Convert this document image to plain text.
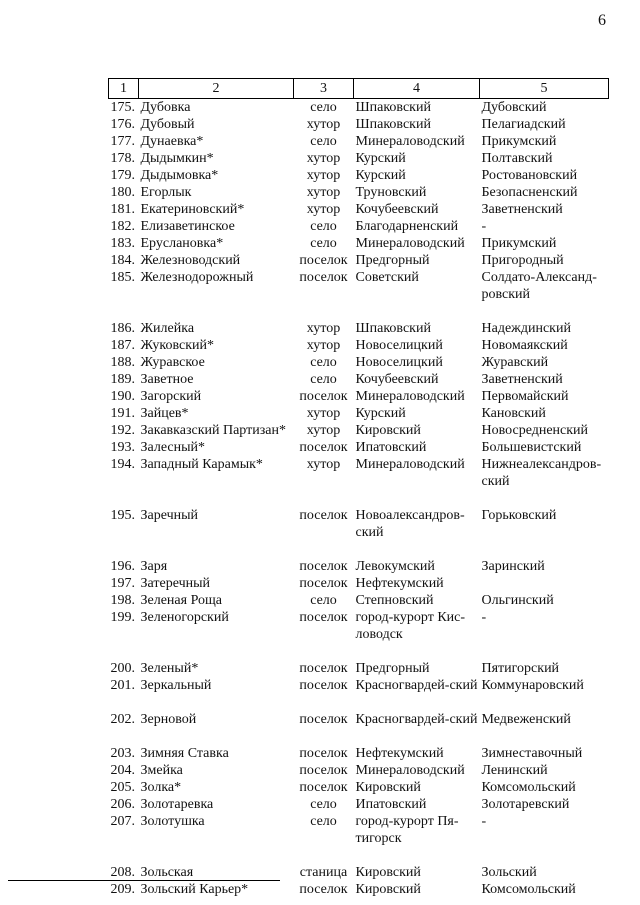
6
1	2	3	4	5
175.	Дубовка	село	Шпаковский	Дубовский
176.	Дубовый	хутор	Шпаковский	Пелагиадский
177.	Дунаевка*	село	Минераловодский	Прикумский
178.	Дыдымкин*	хутор	Курский	Полтавский
179.	Дыдымовка*	хутор	Курский	Ростовановский
180.	Егорлык	хутор	Труновский	Безопасненский
181.	Екатериновский*	хутор	Кочубеевский	Заветненский
182.	Елизаветинское	село	Благодарненский	-
183.	Еруслановка*	село	Минераловодский	Прикумский
184.	Железноводский	поселок	Предгорный	Пригородный
185.	Железнодорожный	поселок	Советский	Солдато-Александ-ровский
186.	Жилейка	хутор	Шпаковский	Надеждинский
187.	Жуковский*	хутор	Новоселицкий	Новомаякский
188.	Журавское	село	Новоселицкий	Журавский
189.	Заветное	село	Кочубеевский	Заветненский
190.	Загорский	поселок	Минераловодский	Первомайский
191.	Зайцев*	хутор	Курский	Кановский
192.	Закавказский Партизан*	хутор	Кировский	Новосредненский
193.	Залесный*	поселок	Ипатовский	Большевистский
194.	Западный Карамык*	хутор	Минераловодский	Нижнеалександров-ский
195.	Заречный	поселок	Новоалександров-ский	Горьковский
196.	Заря	поселок	Левокумский	Заринский
197.	Затеречный	поселок	Нефтекумский	
198.	Зеленая Роща	село	Степновский	Ольгинский
199.	Зеленогорский	поселок	город-курорт Кис-ловодск	-
200.	Зеленый*	поселок	Предгорный	Пятигорский
201.	Зеркальный	поселок	Красногвардей-ский	Коммунаровский
202.	Зерновой	поселок	Красногвардей-ский	Медвеженский
203.	Зимняя Ставка	поселок	Нефтекумский	Зимнеставочный
204.	Змейка	поселок	Минераловодский	Ленинский
205.	Золка*	поселок	Кировский	Комсомольский
206.	Золотаревка	село	Ипатовский	Золотаревский
207.	Золотушка	село	город-курорт Пя-тигорск	-
208.	Зольская	станица	Кировский	Зольский
209.	Зольский Карьер*	поселок	Кировский	Комсомольский
